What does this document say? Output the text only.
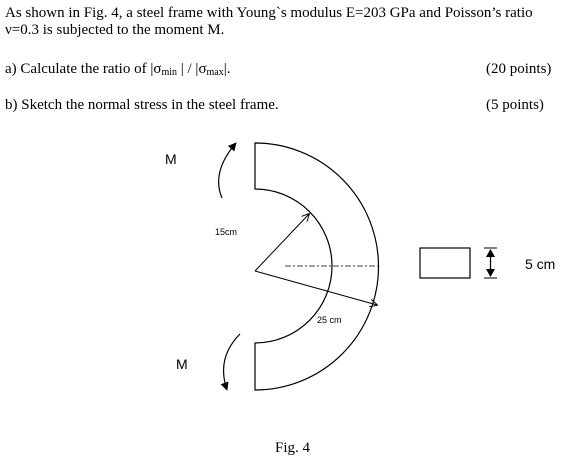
As shown in Fig. 4, a steel frame with Young`s modulus E=203 GPa and Poisson’s ratio
ν=0.3 is subjected to the moment M.
a) Calculate the ratio of $|\sigma_{min}$ | / $|\sigma_{max}|$.	(20 points)
b) Sketch the normal stress in the steel frame.	(5 points)
M
M
15cm
25 cm
5 cm
Fig. 4
